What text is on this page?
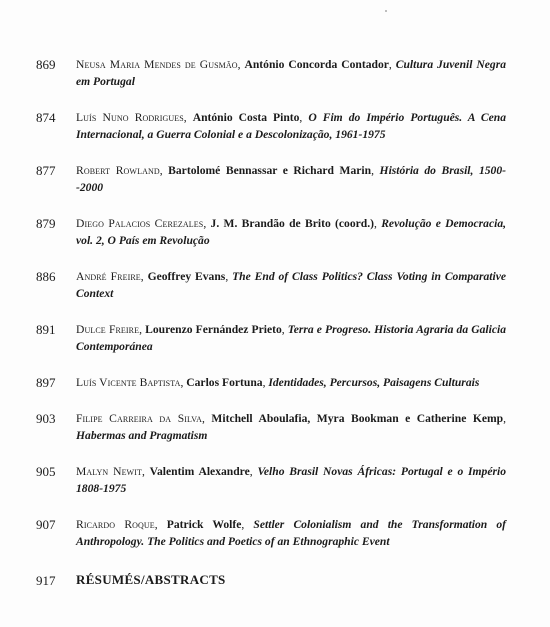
869	Neusa Maria Mendes de Gusmão, António Concorda Contador, Cultura Juvenil Negra em Portugal
874	Luís Nuno Rodrigues, António Costa Pinto, O Fim do Império Português. A Cena Internacional, a Guerra Colonial e a Descolonização, 1961-1975
877	Robert Rowland, Bartolomé Bennassar e Richard Marin, História do Brasil, 1500--2000
879	Diego Palacios Cerezales, J. M. Brandão de Brito (coord.), Revolução e Democracia, vol. 2, O País em Revolução
886	André Freire, Geoffrey Evans, The End of Class Politics? Class Voting in Comparative Context
891	Dulce Freire, Lourenzo Fernández Prieto, Terra e Progreso. Historia Agraria da Galicia Contemporánea
897	Luís Vicente Baptista, Carlos Fortuna, Identidades, Percursos, Paisagens Culturais
903	Filipe Carreira da Silva, Mitchell Aboulafia, Myra Bookman e Catherine Kemp, Habermas and Pragmatism
905	Malyn Newit, Valentim Alexandre, Velho Brasil Novas Áfricas: Portugal e o Império 1808-1975
907	Ricardo Roque, Patrick Wolfe, Settler Colonialism and the Transformation of Anthropology. The Politics and Poetics of an Ethnographic Event
917	RÉSUMÉS/ABSTRACTS
